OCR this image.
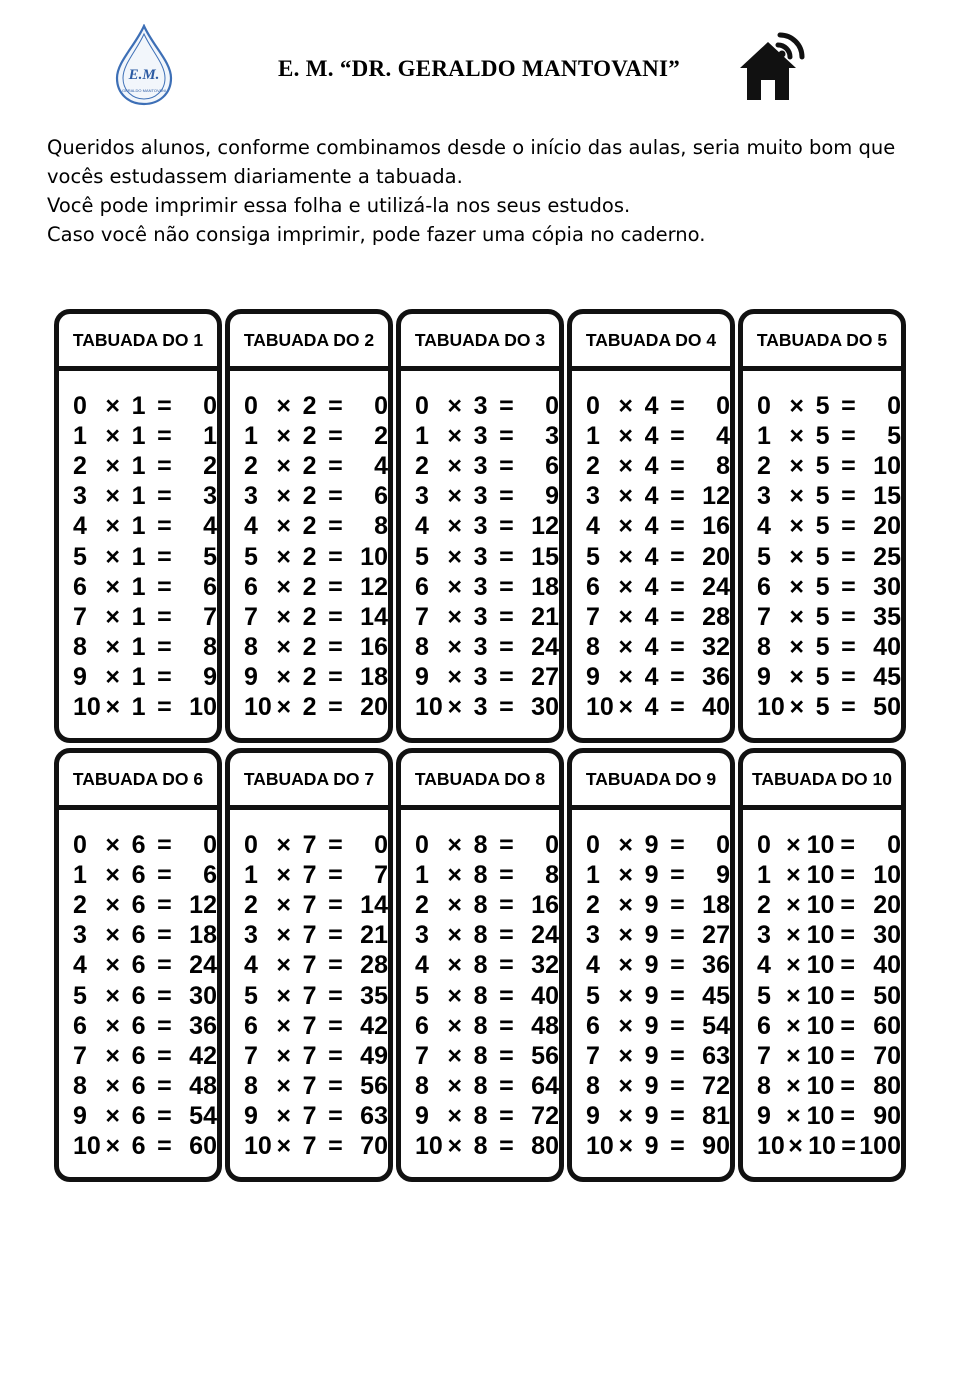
E.M.
GERALDO MANTOVANI
E. M. “DR. GERALDO MANTOVANI”

Queridos alunos, conforme combinamos desde o início das aulas, seria muito bom que

vocês estudassem diariamente a tabuada.

Você pode imprimir essa folha e utilizá-la nos seus estudos.

Caso você não consiga imprimir, pode fazer uma cópia no caderno.

TABUADA DO 1
0 × 1 =	0
1 × 1 =	1
2 × 1 =	2
3 × 1 =	3
4 × 1 =	4
5 × 1 =	5
6 × 1 =	6
7 × 1 =	7
8 × 1 =	8
9 × 1 =	9
10 × 1 = 10
TABUADA DO 2
0 × 2 =	0
1 × 2 =	2
2 × 2 =	4
3 × 2 =	6
4 × 2 =	8
5 × 2 = 10
6 × 2 = 12
7 × 2 = 14
8 × 2 = 16
9 × 2 = 18
10 × 2 = 20
TABUADA DO 3
0 × 3 =	0
1 × 3 =	3
2 × 3 =	6
3 × 3 =	9
4 × 3 = 12
5 × 3 = 15
6 × 3 = 18
7 × 3 = 21
8 × 3 = 24
9 × 3 = 27
10 × 3 = 30
TABUADA DO 4
0 × 4 =	0
1 × 4 =	4
2 × 4 =	8
3 × 4 = 12
4 × 4 = 16
5 × 4 = 20
6 × 4 = 24
7 × 4 = 28
8 × 4 = 32
9 × 4 = 36
10 × 4 = 40
TABUADA DO 5
0 × 5 =	0
1 × 5 =	5
2 × 5 = 10
3 × 5 = 15
4 × 5 = 20
5 × 5 = 25
6 × 5 = 30
7 × 5 = 35
8 × 5 = 40
9 × 5 = 45
10 × 5 = 50
TABUADA DO 6
0 × 6 =	0
1 × 6 =	6
2 × 6 = 12
3 × 6 = 18
4 × 6 = 24
5 × 6 = 30
6 × 6 = 36
7 × 6 = 42
8 × 6 = 48
9 × 6 = 54
10 × 6 = 60
TABUADA DO 7
0 × 7 =	0
1 × 7 =	7
2 × 7 = 14
3 × 7 = 21
4 × 7 = 28
5 × 7 = 35
6 × 7 = 42
7 × 7 = 49
8 × 7 = 56
9 × 7 = 63
10 × 7 = 70
TABUADA DO 8
0 × 8 =	0
1 × 8 =	8
2 × 8 = 16
3 × 8 = 24
4 × 8 = 32
5 × 8 = 40
6 × 8 = 48
7 × 8 = 56
8 × 8 = 64
9 × 8 = 72
10 × 8 = 80
TABUADA DO 9
0 × 9 =	0
1 × 9 =	9
2 × 9 = 18
3 × 9 = 27
4 × 9 = 36
5 × 9 = 45
6 × 9 = 54
7 × 9 = 63
8 × 9 = 72
9 × 9 = 81
10 × 9 = 90
TABUADA DO 10
0 × 10 =	0
1 × 10 = 10
2 × 10 = 20
3 × 10 = 30
4 × 10 = 40
5 × 10 = 50
6 × 10 = 60
7 × 10 = 70
8 × 10 = 80
9 × 10 = 90
10 × 10 = 100
